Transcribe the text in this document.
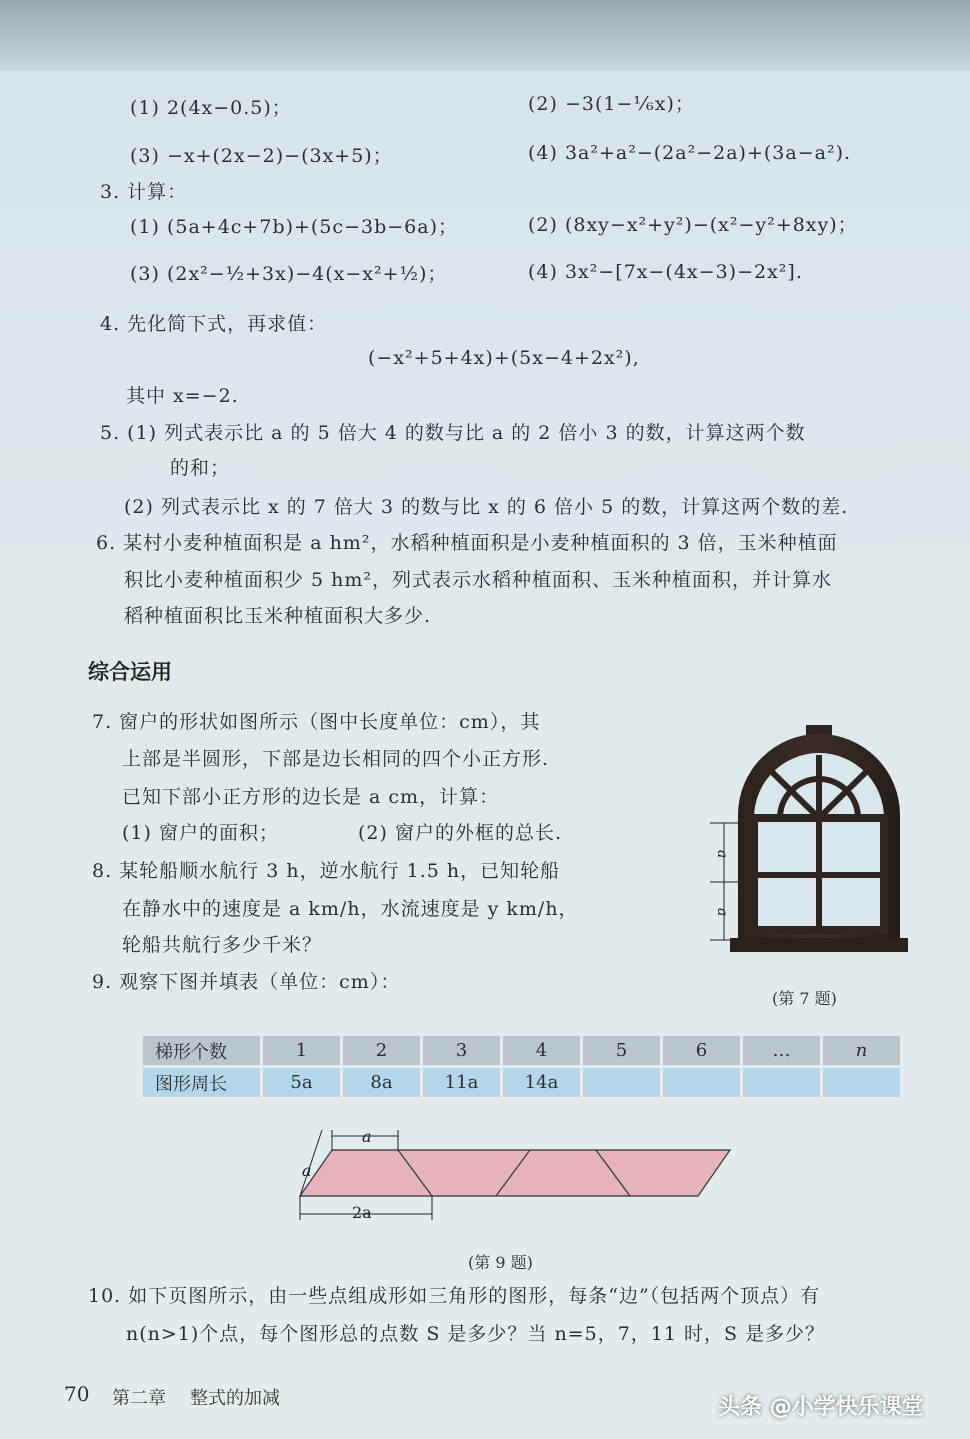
(1) 2(4x−0.5)；	(2) −3(1−¹⁄₆x)；
(3) −x+(2x−2)−(3x+5)；	(4) 3a²+a²−(2a²−2a)+(3a−a²).
3. 计算：
(1) (5a+4c+7b)+(5c−3b−6a)；	(2) (8xy−x²+y²)−(x²−y²+8xy)；
(3) (2x²−½+3x)−4(x−x²+½)；	(4) 3x²−[7x−(4x−3)−2x²].
4. 先化简下式，再求值：
(−x²+5+4x)+(5x−4+2x²),
其中 x=−2.
5. (1) 列式表示比 a 的 5 倍大 4 的数与比 a 的 2 倍小 3 的数，计算这两个数
的和；
(2) 列式表示比 x 的 7 倍大 3 的数与比 x 的 6 倍小 5 的数，计算这两个数的差.
6. 某村小麦种植面积是 a hm²，水稻种植面积是小麦种植面积的 3 倍，玉米种植面
积比小麦种植面积少 5 hm²，列式表示水稻种植面积、玉米种植面积，并计算水
稻种植面积比玉米种植面积大多少.
综合运用
7. 窗户的形状如图所示（图中长度单位：cm），其
上部是半圆形，下部是边长相同的四个小正方形.
已知下部小正方形的边长是 a cm，计算：
(1) 窗户的面积；	(2) 窗户的外框的总长.
8. 某轮船顺水航行 3 h，逆水航行 1.5 h，已知轮船
在静水中的速度是 a km/h，水流速度是 y km/h，
轮船共航行多少千米？
9. 观察下图并填表（单位：cm）：
a
a
(第 7 题)
梯形个数	1	2	3	4	5	6	…	n
图形周长	5a	8a	11a	14a				
a
a
2a
(第 9 题)
10. 如下页图所示，由一些点组成形如三角形的图形，每条“边”（包括两个顶点）有
n(n>1)个点，每个图形总的点数 S 是多少？当 n=5，7，11 时，S 是多少？
70 第二章 整式的加减	头条 @小学快乐课堂
